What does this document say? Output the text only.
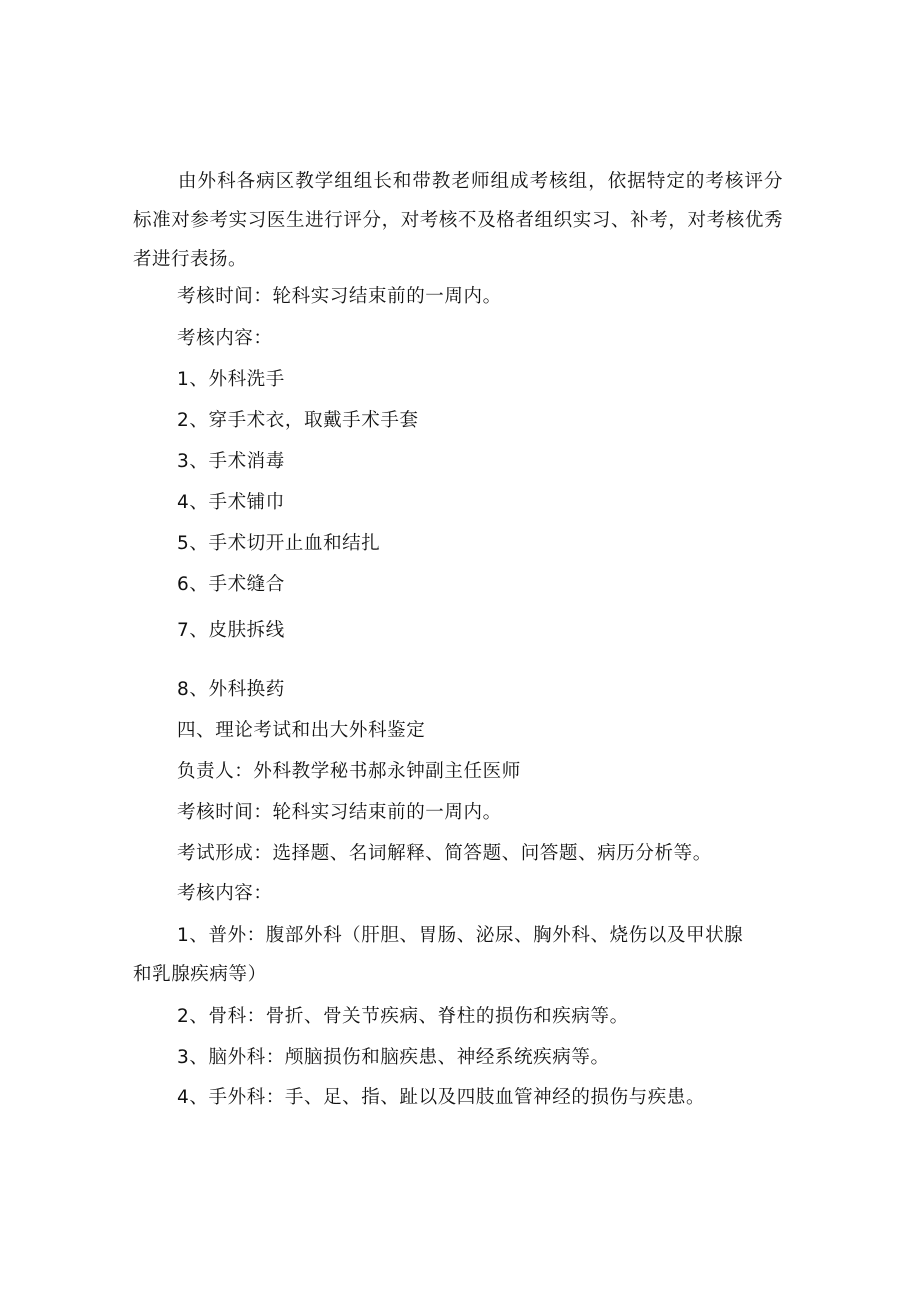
由外科各病区教学组组长和带教老师组成考核组，依据特定的考核评分标准对参考实习医生进行评分，对考核不及格者组织实习、补考，对考核优秀者进行表扬。

考核时间：轮科实习结束前的一周内。

考核内容：

1、外科洗手

2、穿手术衣，取戴手术手套

3、手术消毒

4、手术铺巾

5、手术切开止血和结扎

6、手术缝合

7、皮肤拆线

8、外科换药

四、理论考试和出大外科鉴定

负责人：外科教学秘书郝永钟副主任医师

考核时间：轮科实习结束前的一周内。

考试形成：选择题、名词解释、简答题、问答题、病历分析等。

考核内容：

1、普外：腹部外科（肝胆、胃肠、泌尿、胸外科、烧伤以及甲状腺

和乳腺疾病等）

2、骨科：骨折、骨关节疾病、脊柱的损伤和疾病等。

3、脑外科：颅脑损伤和脑疾患、神经系统疾病等。

4、手外科：手、足、指、趾以及四肢血管神经的损伤与疾患。
